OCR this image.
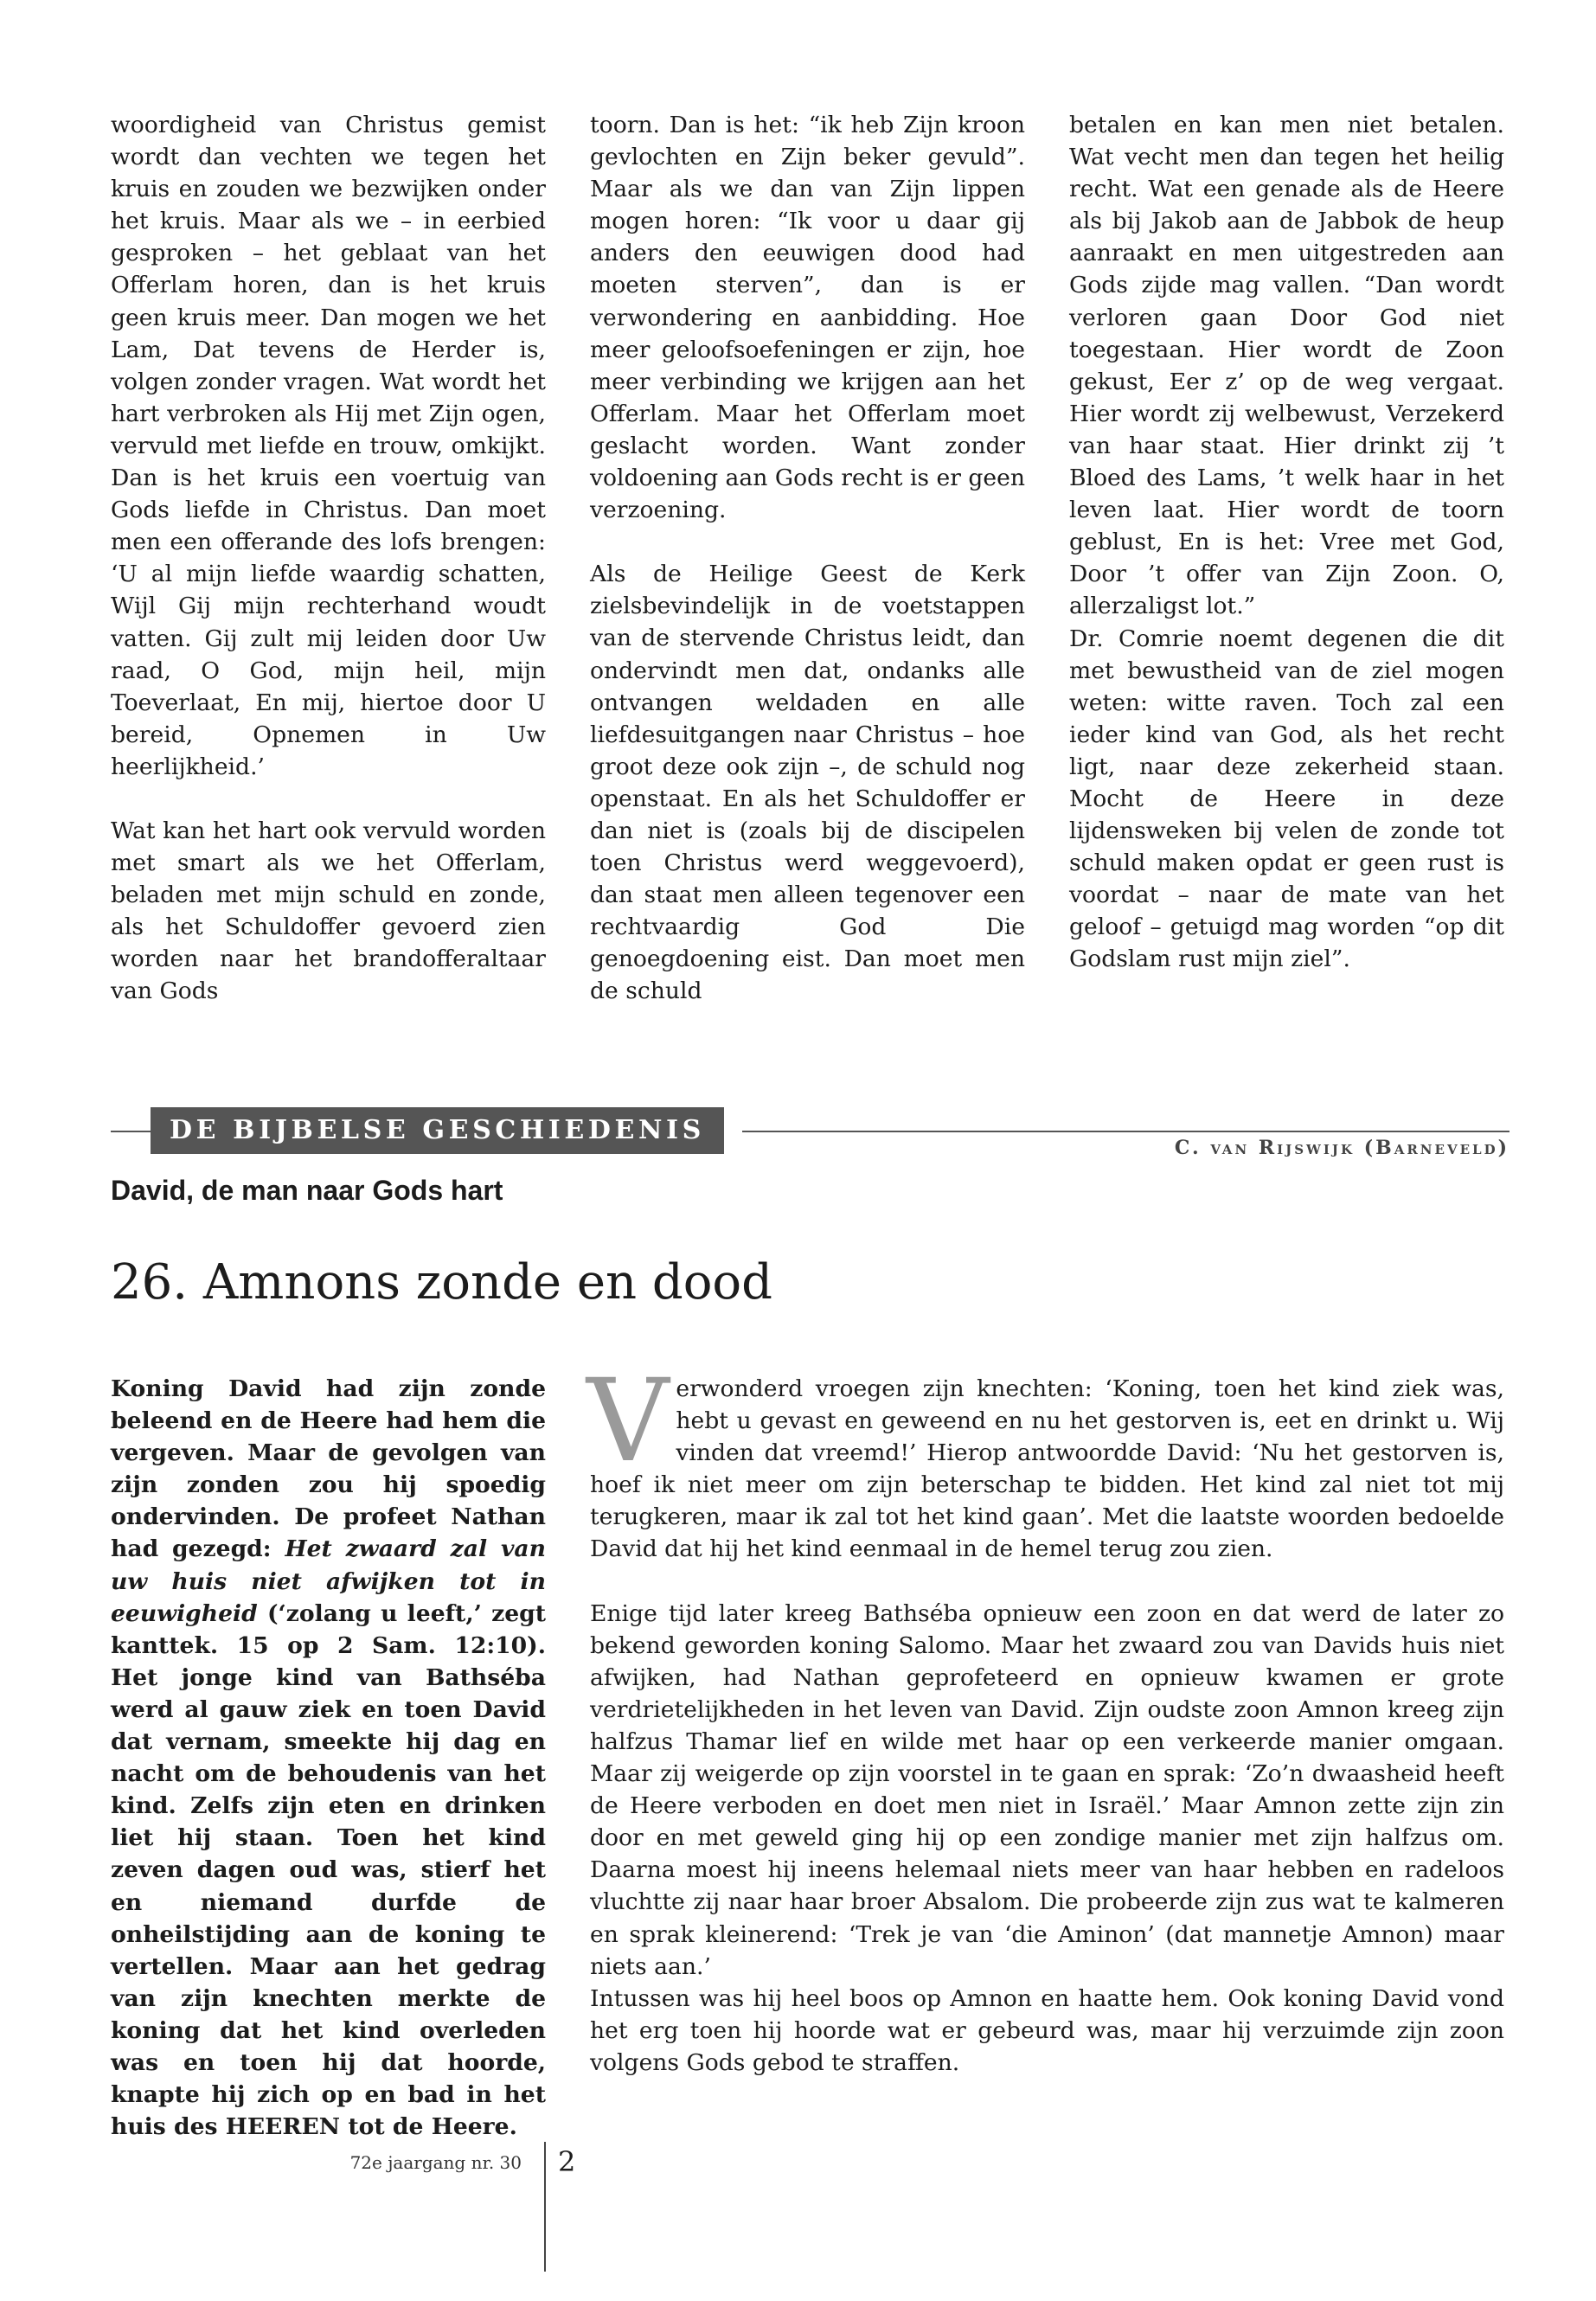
woordigheid van Christus gemist wordt dan vechten we tegen het kruis en zouden we bezwijken onder het kruis. Maar als we – in eerbied gesproken – het geblaat van het Offerlam horen, dan is het kruis geen kruis meer. Dan mogen we het Lam, Dat tevens de Herder is, volgen zonder vragen. Wat wordt het hart verbroken als Hij met Zijn ogen, vervuld met liefde en trouw, omkijkt. Dan is het kruis een voertuig van Gods liefde in Christus. Dan moet men een offerande des lofs brengen: ‘U al mijn liefde waardig schatten, Wijl Gij mijn rechterhand woudt vatten. Gij zult mij leiden door Uw raad, O God, mijn heil, mijn Toeverlaat, En mij, hiertoe door U bereid, Opnemen in Uw heerlijkheid.’

Wat kan het hart ook vervuld worden met smart als we het Offerlam, beladen met mijn schuld en zonde, als het Schuldoffer gevoerd zien worden naar het brandofferaltaar van Gods

toorn. Dan is het: “ik heb Zijn kroon gevlochten en Zijn beker gevuld”. Maar als we dan van Zijn lippen mogen horen: “Ik voor u daar gij anders den eeuwigen dood had moeten sterven”, dan is er verwondering en aanbidding. Hoe meer geloofsoefeningen er zijn, hoe meer verbinding we krijgen aan het Offerlam. Maar het Offerlam moet geslacht worden. Want zonder voldoening aan Gods recht is er geen verzoening.

Als de Heilige Geest de Kerk zielsbevindelijk in de voetstappen van de stervende Christus leidt, dan ondervindt men dat, ondanks alle ontvangen weldaden en alle liefdesuitgangen naar Christus – hoe groot deze ook zijn –, de schuld nog openstaat. En als het Schuldoffer er dan niet is (zoals bij de discipelen toen Christus werd weggevoerd), dan staat men alleen tegenover een rechtvaardig God Die genoegdoening eist. Dan moet men de schuld

betalen en kan men niet betalen. Wat vecht men dan tegen het heilig recht. Wat een genade als de Heere als bij Jakob aan de Jabbok de heup aanraakt en men uitgestreden aan Gods zijde mag vallen. “Dan wordt verloren gaan Door God niet toegestaan. Hier wordt de Zoon gekust, Eer z’ op de weg vergaat. Hier wordt zij welbewust, Verzekerd van haar staat. Hier drinkt zij ’t Bloed des Lams, ’t welk haar in het leven laat. Hier wordt de toorn geblust, En is het: Vree met God, Door ’t offer van Zijn Zoon. O, allerzaligst lot.”

Dr. Comrie noemt degenen die dit met bewustheid van de ziel mogen weten: witte raven. Toch zal een ieder kind van God, als het recht ligt, naar deze zekerheid staan. Mocht de Heere in deze lijdensweken bij velen de zonde tot schuld maken opdat er geen rust is voordat – naar de mate van het geloof – getuigd mag worden “op dit Godslam rust mijn ziel”.

DE BIJBELSE GESCHIEDENIS
C. van Rijswijk (Barneveld)
David, de man naar Gods hart
26. Amnons zonde en dood

Koning David had zijn zonde beleend en de Heere had hem die vergeven. Maar de gevolgen van zijn zonden zou hij spoedig ondervinden. De profeet Nathan had gezegd: Het zwaard zal van uw huis niet afwijken tot in eeuwigheid (‘zolang u leeft,’ zegt kanttek. 15 op 2 Sam. 12:10). Het jonge kind van Bathséba werd al gauw ziek en toen David dat vernam, smeekte hij dag en nacht om de behoudenis van het kind. Zelfs zijn eten en drinken liet hij staan. Toen het kind zeven dagen oud was, stierf het en niemand durfde de onheilstijding aan de koning te vertellen. Maar aan het gedrag van zijn knechten merkte de koning dat het kind overleden was en toen hij dat hoorde, knapte hij zich op en bad in het huis des HEEREN tot de Heere.

Verwonderd vroegen zijn knechten: ‘Koning, toen het kind ziek was, hebt u gevast en geweend en nu het gestorven is, eet en drinkt u. Wij vinden dat vreemd!’ Hierop antwoordde David: ‘Nu het gestorven is, hoef ik niet meer om zijn beterschap te bidden. Het kind zal niet tot mij terugkeren, maar ik zal tot het kind gaan’. Met die laatste woorden bedoelde David dat hij het kind eenmaal in de hemel terug zou zien.

Enige tijd later kreeg Bathséba opnieuw een zoon en dat werd de later zo bekend geworden koning Salomo. Maar het zwaard zou van Davids huis niet afwijken, had Nathan geprofeteerd en opnieuw kwamen er grote verdrietelijkheden in het leven van David. Zijn oudste zoon Amnon kreeg zijn halfzus Thamar lief en wilde met haar op een verkeerde manier omgaan. Maar zij weigerde op zijn voorstel in te gaan en sprak: ‘Zo’n dwaasheid heeft de Heere verboden en doet men niet in Israël.’ Maar Amnon zette zijn zin door en met geweld ging hij op een zondige manier met zijn halfzus om. Daarna moest hij ineens helemaal niets meer van haar hebben en radeloos vluchtte zij naar haar broer Absalom. Die probeerde zijn zus wat te kalmeren en sprak kleinerend: ‘Trek je van ‘die Aminon’ (dat mannetje Amnon) maar niets aan.’

Intussen was hij heel boos op Amnon en haatte hem. Ook koning David vond het erg toen hij hoorde wat er gebeurd was, maar hij verzuimde zijn zoon volgens Gods gebod te straffen.

72e jaargang nr. 30 2
